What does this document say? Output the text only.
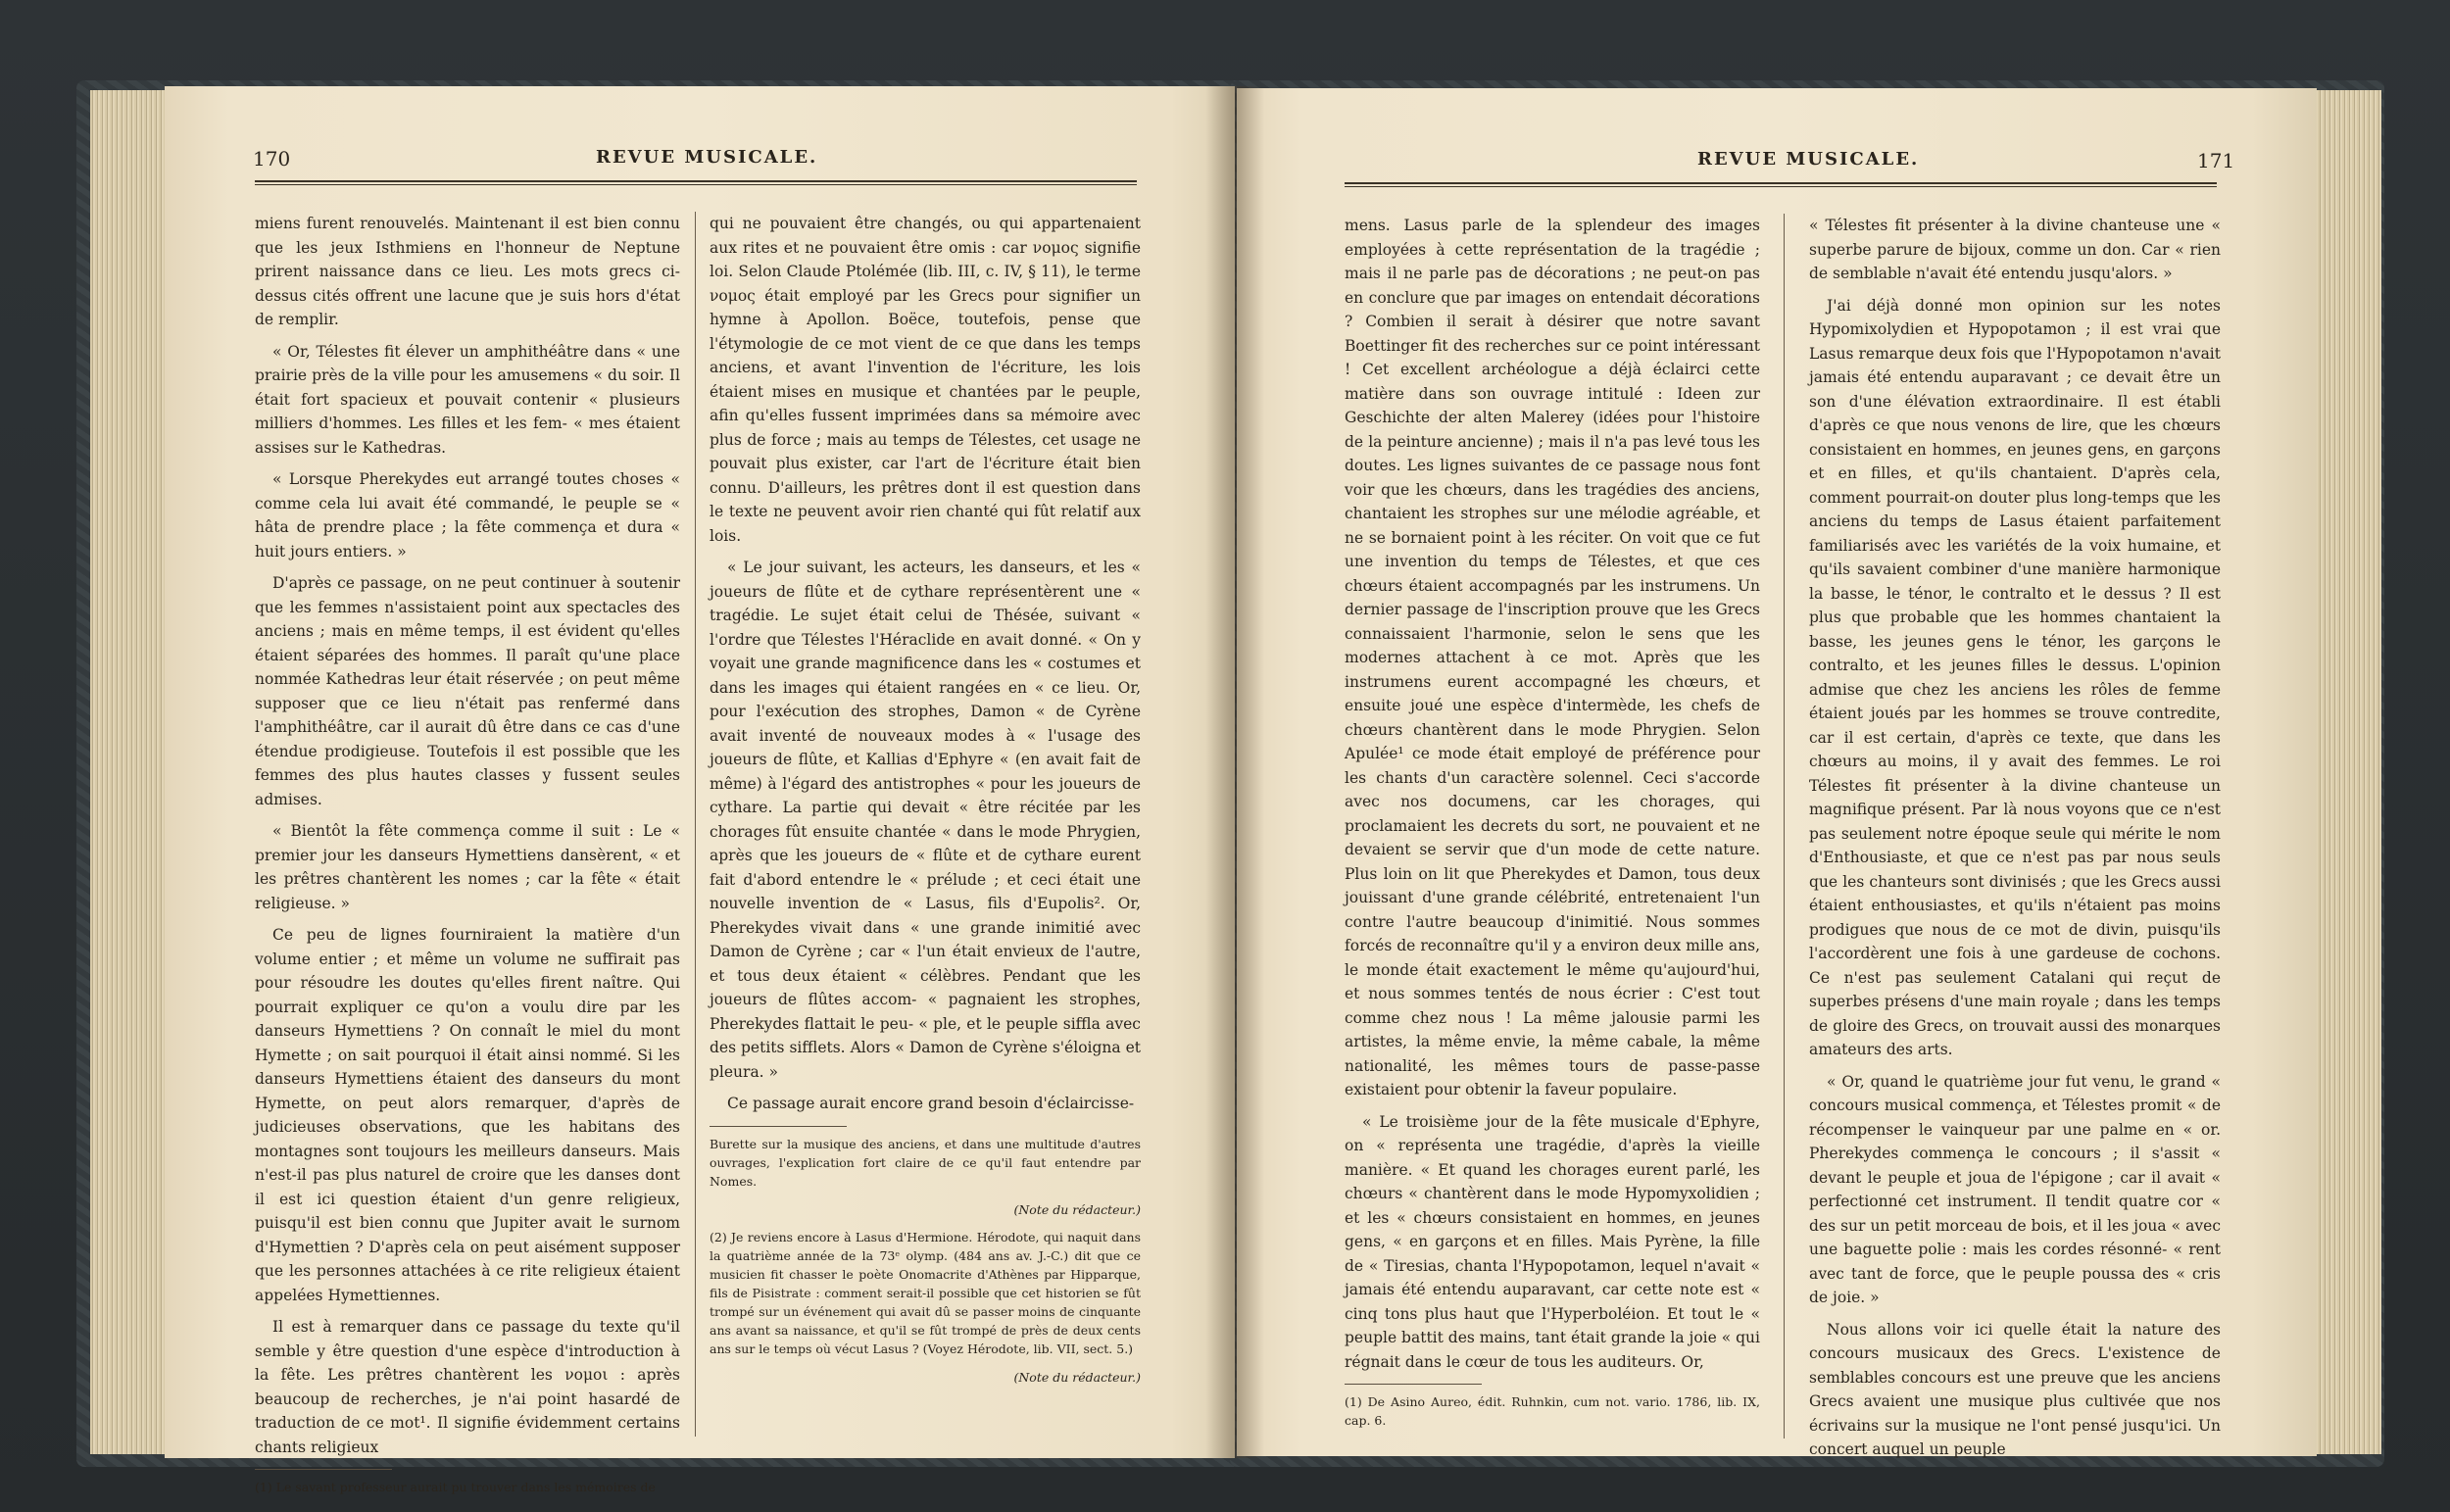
170	REVUE MUSICALE.

miens furent renouvelés. Maintenant il est bien connu que les jeux Isthmiens en l'honneur de Neptune prirent naissance dans ce lieu. Les mots grecs ci-dessus cités offrent une lacune que je suis hors d'état de remplir.

« Or, Télestes fit élever un amphithéâtre dans « une prairie près de la ville pour les amusemens « du soir. Il était fort spacieux et pouvait contenir « plusieurs milliers d'hommes. Les filles et les fem- « mes étaient assises sur le Kathedras.

« Lorsque Pherekydes eut arrangé toutes choses « comme cela lui avait été commandé, le peuple se « hâta de prendre place ; la fête commença et dura « huit jours entiers. »

D'après ce passage, on ne peut continuer à soutenir que les femmes n'assistaient point aux spectacles des anciens ; mais en même temps, il est évident qu'elles étaient séparées des hommes. Il paraît qu'une place nommée Kathedras leur était réservée ; on peut même supposer que ce lieu n'était pas renfermé dans l'amphithéâtre, car il aurait dû être dans ce cas d'une étendue prodigieuse. Toutefois il est possible que les femmes des plus hautes classes y fussent seules admises.

« Bientôt la fête commença comme il suit : Le « premier jour les danseurs Hymettiens dansèrent, « et les prêtres chantèrent les nomes ; car la fête « était religieuse. »

Ce peu de lignes fourniraient la matière d'un volume entier ; et même un volume ne suffirait pas pour résoudre les doutes qu'elles firent naître. Qui pourrait expliquer ce qu'on a voulu dire par les danseurs Hymettiens ? On connaît le miel du mont Hymette ; on sait pourquoi il était ainsi nommé. Si les danseurs Hymettiens étaient des danseurs du mont Hymette, on peut alors remarquer, d'après de judicieuses observations, que les habitans des montagnes sont toujours les meilleurs danseurs. Mais n'est-il pas plus naturel de croire que les danses dont il est ici question étaient d'un genre religieux, puisqu'il est bien connu que Jupiter avait le surnom d'Hymettien ? D'après cela on peut aisément supposer que les personnes attachées à ce rite religieux étaient appelées Hymettiennes.

Il est à remarquer dans ce passage du texte qu'il semble y être question d'une espèce d'introduction à la fête. Les prêtres chantèrent les νομοι : après beaucoup de recherches, je n'ai point hasardé de traduction de ce mot¹. Il signifie évidemment certains chants religieux

(1) Le savant professeur aurait pu trouver dans les mémoires de

qui ne pouvaient être changés, ou qui appartenaient aux rites et ne pouvaient être omis : car νομος signifie loi. Selon Claude Ptolémée (lib. III, c. IV, § 11), le terme νομος était employé par les Grecs pour signifier un hymne à Apollon. Boëce, toutefois, pense que l'étymologie de ce mot vient de ce que dans les temps anciens, et avant l'invention de l'écriture, les lois étaient mises en musique et chantées par le peuple, afin qu'elles fussent imprimées dans sa mémoire avec plus de force ; mais au temps de Télestes, cet usage ne pouvait plus exister, car l'art de l'écriture était bien connu. D'ailleurs, les prêtres dont il est question dans le texte ne peuvent avoir rien chanté qui fût relatif aux lois.

« Le jour suivant, les acteurs, les danseurs, et les « joueurs de flûte et de cythare représentèrent une « tragédie. Le sujet était celui de Thésée, suivant « l'ordre que Télestes l'Héraclide en avait donné. « On y voyait une grande magnificence dans les « costumes et dans les images qui étaient rangées en « ce lieu. Or, pour l'exécution des strophes, Damon « de Cyrène avait inventé de nouveaux modes à « l'usage des joueurs de flûte, et Kallias d'Ephyre « (en avait fait de même) à l'égard des antistrophes « pour les joueurs de cythare. La partie qui devait « être récitée par les chorages fût ensuite chantée « dans le mode Phrygien, après que les joueurs de « flûte et de cythare eurent fait d'abord entendre le « prélude ; et ceci était une nouvelle invention de « Lasus, fils d'Eupolis². Or, Pherekydes vivait dans « une grande inimitié avec Damon de Cyrène ; car « l'un était envieux de l'autre, et tous deux étaient « célèbres. Pendant que les joueurs de flûtes accom- « pagnaient les strophes, Pherekydes flattait le peu- « ple, et le peuple siffla avec des petits sifflets. Alors « Damon de Cyrène s'éloigna et pleura. »

Ce passage aurait encore grand besoin d'éclaircisse-

Burette sur la musique des anciens, et dans une multitude d'autres ouvrages, l'explication fort claire de ce qu'il faut entendre par Nomes.

(Note du rédacteur.)

(2) Je reviens encore à Lasus d'Hermione. Hérodote, qui naquit dans la quatrième année de la 73ᵉ olymp. (484 ans av. J.-C.) dit que ce musicien fit chasser le poète Onomacrite d'Athènes par Hipparque, fils de Pisistrate : comment serait-il possible que cet historien se fût trompé sur un événement qui avait dû se passer moins de cinquante ans avant sa naissance, et qu'il se fût trompé de près de deux cents ans sur le temps où vécut Lasus ? (Voyez Hérodote, lib. VII, sect. 5.)

(Note du rédacteur.)
REVUE MUSICALE.	171

mens. Lasus parle de la splendeur des images employées à cette représentation de la tragédie ; mais il ne parle pas de décorations ; ne peut-on pas en conclure que par images on entendait décorations ? Combien il serait à désirer que notre savant Boettinger fit des recherches sur ce point intéressant ! Cet excellent archéologue a déjà éclairci cette matière dans son ouvrage intitulé : Ideen zur Geschichte der alten Malerey (idées pour l'histoire de la peinture ancienne) ; mais il n'a pas levé tous les doutes. Les lignes suivantes de ce passage nous font voir que les chœurs, dans les tragédies des anciens, chantaient les strophes sur une mélodie agréable, et ne se bornaient point à les réciter. On voit que ce fut une invention du temps de Télestes, et que ces chœurs étaient accompagnés par les instrumens. Un dernier passage de l'inscription prouve que les Grecs connaissaient l'harmonie, selon le sens que les modernes attachent à ce mot. Après que les instrumens eurent accompagné les chœurs, et ensuite joué une espèce d'intermède, les chefs de chœurs chantèrent dans le mode Phrygien. Selon Apulée¹ ce mode était employé de préférence pour les chants d'un caractère solennel. Ceci s'accorde avec nos documens, car les chorages, qui proclamaient les decrets du sort, ne pouvaient et ne devaient se servir que d'un mode de cette nature. Plus loin on lit que Pherekydes et Damon, tous deux jouissant d'une grande célébrité, entretenaient l'un contre l'autre beaucoup d'inimitié. Nous sommes forcés de reconnaître qu'il y a environ deux mille ans, le monde était exactement le même qu'aujourd'hui, et nous sommes tentés de nous écrier : C'est tout comme chez nous ! La même jalousie parmi les artistes, la même envie, la même cabale, la même nationalité, les mêmes tours de passe-passe existaient pour obtenir la faveur populaire.

« Le troisième jour de la fête musicale d'Ephyre, on « représenta une tragédie, d'après la vieille manière. « Et quand les chorages eurent parlé, les chœurs « chantèrent dans le mode Hypomyxolidien ; et les « chœurs consistaient en hommes, en jeunes gens, « en garçons et en filles. Mais Pyrène, la fille de « Tiresias, chanta l'Hypopotamon, lequel n'avait « jamais été entendu auparavant, car cette note est « cinq tons plus haut que l'Hyperboléion. Et tout le « peuple battit des mains, tant était grande la joie « qui régnait dans le cœur de tous les auditeurs. Or,

(1) De Asino Aureo, édit. Ruhnkin, cum not. vario. 1786, lib. IX, cap. 6.

« Télestes fit présenter à la divine chanteuse une « superbe parure de bijoux, comme un don. Car « rien de semblable n'avait été entendu jusqu'alors. »

J'ai déjà donné mon opinion sur les notes Hypomixolydien et Hypopotamon ; il est vrai que Lasus remarque deux fois que l'Hypopotamon n'avait jamais été entendu auparavant ; ce devait être un son d'une élévation extraordinaire. Il est établi d'après ce que nous venons de lire, que les chœurs consistaient en hommes, en jeunes gens, en garçons et en filles, et qu'ils chantaient. D'après cela, comment pourrait-on douter plus long-temps que les anciens du temps de Lasus étaient parfaitement familiarisés avec les variétés de la voix humaine, et qu'ils savaient combiner d'une manière harmonique la basse, le ténor, le contralto et le dessus ? Il est plus que probable que les hommes chantaient la basse, les jeunes gens le ténor, les garçons le contralto, et les jeunes filles le dessus. L'opinion admise que chez les anciens les rôles de femme étaient joués par les hommes se trouve contredite, car il est certain, d'après ce texte, que dans les chœurs au moins, il y avait des femmes. Le roi Télestes fit présenter à la divine chanteuse un magnifique présent. Par là nous voyons que ce n'est pas seulement notre époque seule qui mérite le nom d'Enthousiaste, et que ce n'est pas par nous seuls que les chanteurs sont divinisés ; que les Grecs aussi étaient enthousiastes, et qu'ils n'étaient pas moins prodigues que nous de ce mot de divin, puisqu'ils l'accordèrent une fois à une gardeuse de cochons. Ce n'est pas seulement Catalani qui reçut de superbes présens d'une main royale ; dans les temps de gloire des Grecs, on trouvait aussi des monarques amateurs des arts.

« Or, quand le quatrième jour fut venu, le grand « concours musical commença, et Télestes promit « de récompenser le vainqueur par une palme en « or. Pherekydes commença le concours ; il s'assit « devant le peuple et joua de l'épigone ; car il avait « perfectionné cet instrument. Il tendit quatre cor « des sur un petit morceau de bois, et il les joua « avec une baguette polie : mais les cordes résonné- « rent avec tant de force, que le peuple poussa des « cris de joie. »

Nous allons voir ici quelle était la nature des concours musicaux des Grecs. L'existence de semblables concours est une preuve que les anciens Grecs avaient une musique plus cultivée que nos écrivains sur la musique ne l'ont pensé jusqu'ici. Un concert auquel un peuple
